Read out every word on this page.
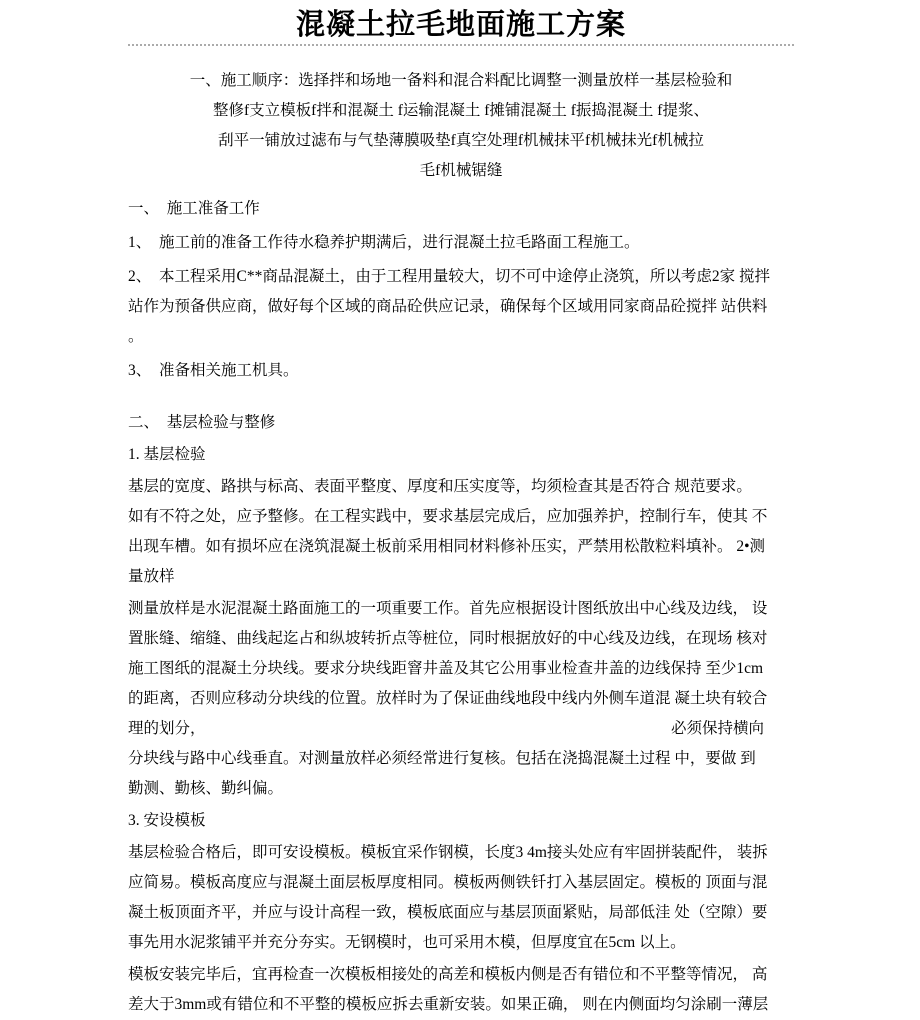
混凝土拉毛地面施工方案
一、施工顺序：选择拌和场地一备料和混合料配比调整一测量放样一基层检验和
整修f支立模板f拌和混凝土 f运输混凝土 f摊铺混凝土 f振捣混凝土 f提浆、
刮平一铺放过滤布与气垫薄膜吸垫f真空处理f机械抹平f机械抹光f机械拉
毛f机械锯缝
一、　施工准备工作
1、　施工前的准备工作待水稳养护期满后，进行混凝土拉毛路面工程施工。
2、　本工程采用C**商品混凝土，由于工程用量较大，切不可中途停止浇筑，所以考虑2家 搅拌
站作为预备供应商，做好每个区域的商品砼供应记录，确保每个区域用同家商品砼搅拌 站供料
。
3、　准备相关施工机具。
二、　基层检验与整修
1. 基层检验
基层的宽度、路拱与标高、表面平整度、厚度和压实度等，均须检查其是否符合 规范要求。
如有不符之处，应予整修。在工程实践中，要求基层完成后，应加强养护，控制行车，使其 不
出现车槽。如有损坏应在浇筑混凝土板前采用相同材料修补压实，严禁用松散粒料填补。 2•测
量放样
测量放样是水泥混凝土路面施工的一项重要工作。首先应根据设计图纸放出中心线及边线， 设
置胀缝、缩缝、曲线起迄占和纵坡转折点等桩位，同时根据放好的中心线及边线，在现场 核对
施工图纸的混凝土分块线。要求分块线距窨井盖及其它公用事业检查井盖的边线保持 至少1cm
的距离，否则应移动分块线的位置。放样时为了保证曲线地段中线内外侧车道混 凝土块有较合
理的划分，	必须保持横向
分块线与路中心线垂直。对测量放样必须经常进行复核。包括在浇捣混凝土过程 中，要做 到
勤测、勤核、勤纠偏。
3. 安设模板
基层检验合格后，即可安设模板。模板宜采作钢模，长度3 4m接头处应有牢固拼装配件， 装拆
应简易。模板高度应与混凝土面层板厚度相同。模板两侧铁钎打入基层固定。模板的 顶面与混
凝土板顶面齐平，并应与设计高程一致，模板底面应与基层顶面紧贴，局部低洼 处（空隙）要
事先用水泥浆铺平并充分夯实。无钢模时，也可采用木模，但厚度宜在5cm 以上。
模板安装完毕后，宜再检查一次模板相接处的高差和模板内侧是否有错位和不平整等情况， 高
差大于3mm或有错位和不平整的模板应拆去重新安装。如果正确， 则在内侧面均匀涂刷一薄层
